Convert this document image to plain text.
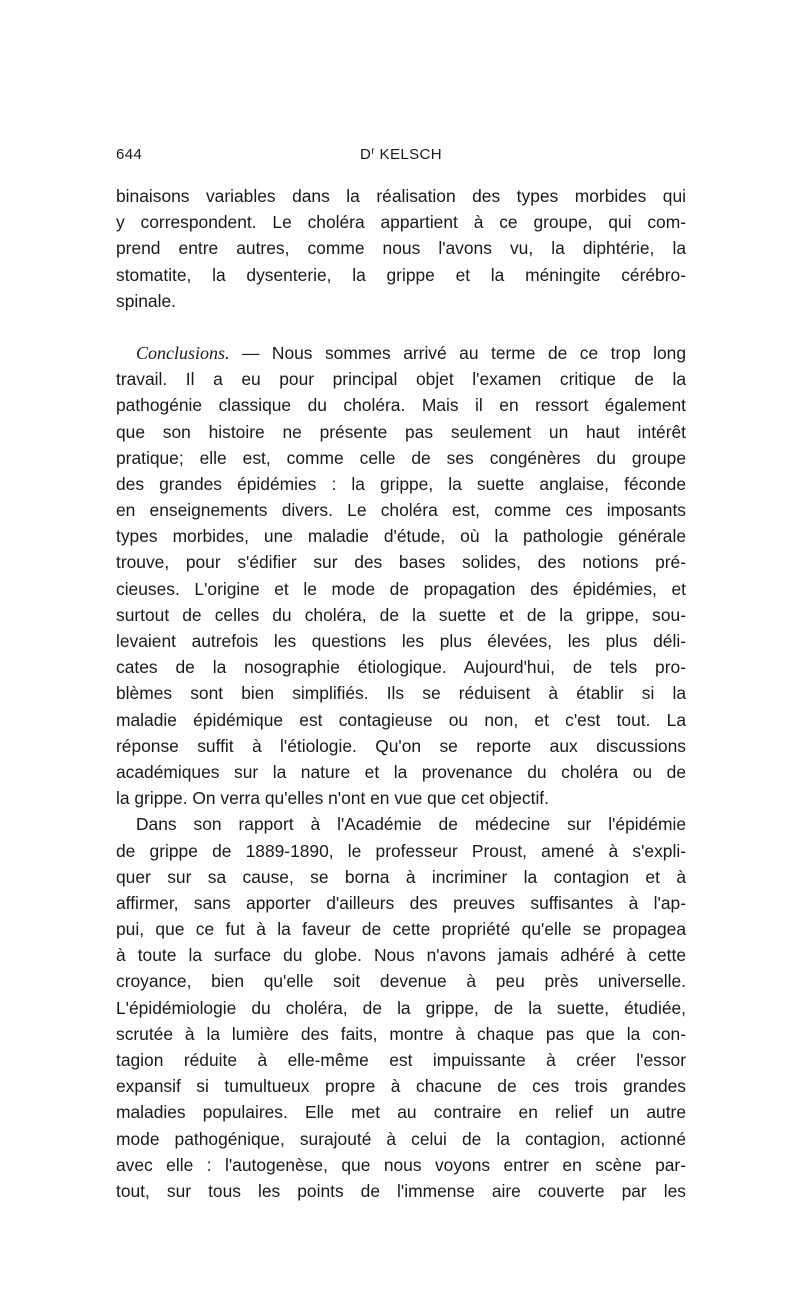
644	$D^r$ KELSCH

binaisons variables dans la réalisation des types morbides qui
y correspondent. Le choléra appartient à ce groupe, qui com-
prend entre autres, comme nous l'avons vu, la diphtérie, la
stomatite, la dysenterie, la grippe et la méningite cérébro-
spinale.

Conclusions. — Nous sommes arrivé au terme de ce trop long
travail. Il a eu pour principal objet l'examen critique de la
pathogénie classique du choléra. Mais il en ressort également
que son histoire ne présente pas seulement un haut intérêt
pratique; elle est, comme celle de ses congénères du groupe
des grandes épidémies : la grippe, la suette anglaise, féconde
en enseignements divers. Le choléra est, comme ces imposants
types morbides, une maladie d'étude, où la pathologie générale
trouve, pour s'édifier sur des bases solides, des notions pré-
cieuses. L'origine et le mode de propagation des épidémies, et
surtout de celles du choléra, de la suette et de la grippe, sou-
levaient autrefois les questions les plus élevées, les plus déli-
cates de la nosographie étiologique. Aujourd'hui, de tels pro-
blèmes sont bien simplifiés. Ils se réduisent à établir si la
maladie épidémique est contagieuse ou non, et c'est tout. La
réponse suffit à l'étiologie. Qu'on se reporte aux discussions
académiques sur la nature et la provenance du choléra ou de
la grippe. On verra qu'elles n'ont en vue que cet objectif.

Dans son rapport à l'Académie de médecine sur l'épidémie
de grippe de 1889-1890, le professeur Proust, amené à s'expli-
quer sur sa cause, se borna à incriminer la contagion et à
affirmer, sans apporter d'ailleurs des preuves suffisantes à l'ap-
pui, que ce fut à la faveur de cette propriété qu'elle se propagea
à toute la surface du globe. Nous n'avons jamais adhéré à cette
croyance, bien qu'elle soit devenue à peu près universelle.
L'épidémiologie du choléra, de la grippe, de la suette, étudiée,
scrutée à la lumière des faits, montre à chaque pas que la con-
tagion réduite à elle-même est impuissante à créer l'essor
expansif si tumultueux propre à chacune de ces trois grandes
maladies populaires. Elle met au contraire en relief un autre
mode pathogénique, surajouté à celui de la contagion, actionné
avec elle : l'autogenèse, que nous voyons entrer en scène par-
tout, sur tous les points de l'immense aire couverte par les
